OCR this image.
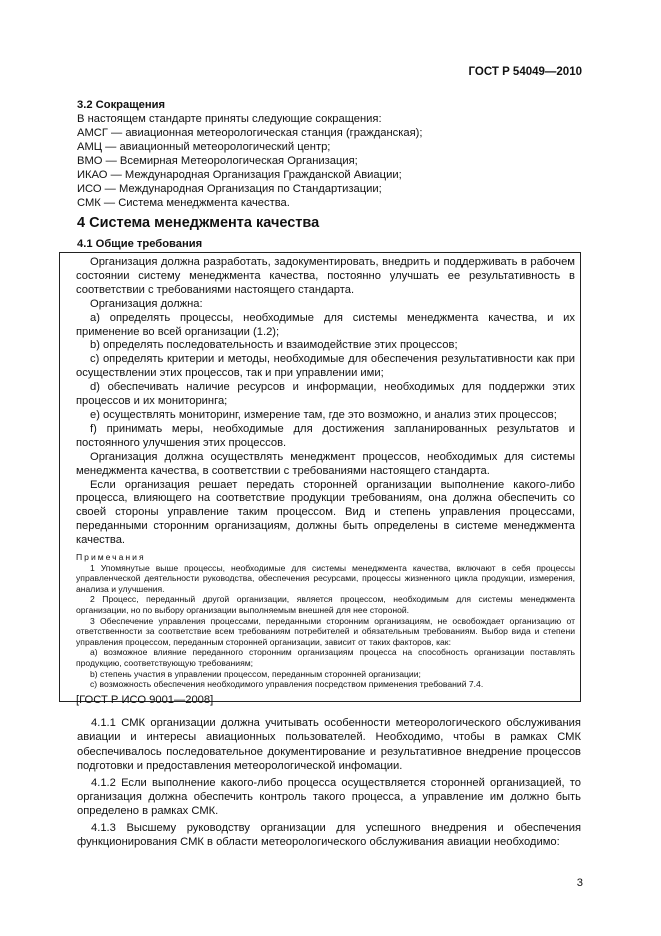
ГОСТ Р 54049—2010
3.2 Сокращения
В настоящем стандарте приняты следующие сокращения:
АМСГ — авиационная метеорологическая станция (гражданская);
АМЦ — авиационный метеорологический центр;
ВМО — Всемирная Метеорологическая Организация;
ИКАО — Международная Организация Гражданской Авиации;
ИСО — Международная Организация по Стандартизации;
СМК — Система менеджмента качества.
4 Система менеджмента качества
4.1 Общие требования

Организация должна разработать, задокументировать, внедрить и поддерживать в рабочем состоянии систему менеджмента качества, постоянно улучшать ее результативность в соответствии с требованиями настоящего стандарта.

Организация должна:

a) определять процессы, необходимые для системы менеджмента качества, и их применение во всей организации (1.2);

b) определять последовательность и взаимодействие этих процессов;

c) определять критерии и методы, необходимые для обеспечения результативности как при осуществлении этих процессов, так и при управлении ими;

d) обеспечивать наличие ресурсов и информации, необходимых для поддержки этих процессов и их мониторинга;

e) осуществлять мониторинг, измерение там, где это возможно, и анализ этих процессов;

f) принимать меры, необходимые для достижения запланированных результатов и постоянного улучшения этих процессов.

Организация должна осуществлять менеджмент процессов, необходимых для системы менеджмента качества, в соответствии с требованиями настоящего стандарта.

Если организация решает передать сторонней организации выполнение какого-либо процесса, влияющего на соответствие продукции требованиям, она должна обеспечить со своей стороны управление таким процессом. Вид и степень управления процессами, переданными сторонним организациям, должны быть определены в системе менеджмента качества.

Примечания

1 Упомянутые выше процессы, необходимые для системы менеджмента качества, включают в себя процессы управленческой деятельности руководства, обеспечения ресурсами, процессы жизненного цикла продукции, измерения, анализа и улучшения.

2 Процесс, переданный другой организации, является процессом, необходимым для системы менеджмента организации, но по выбору организации выполняемым внешней для нее стороной.

3 Обеспечение управления процессами, переданными сторонним организациям, не освобождает организацию от ответственности за соответствие всем требованиям потребителей и обязательным требованиям. Выбор вида и степени управления процессом, переданным сторонней организации, зависит от таких факторов, как:

a) возможное влияние переданного сторонним организациям процесса на способность организации поставлять продукцию, соответствующую требованиям;

b) степень участия в управлении процессом, переданным сторонней организации;

c) возможность обеспечения необходимого управления посредством применения требований 7.4.

[ГОСТ Р ИСО 9001—2008]

4.1.1 СМК организации должна учитывать особенности метеорологического обслуживания авиации и интересы авиационных пользователей. Необходимо, чтобы в рамках СМК обеспечивалось последовательное документирование и результативное внедрение процессов подготовки и предоставления метеорологической инфомации.

4.1.2 Если выполнение какого-либо процесса осуществляется сторонней организацией, то организация должна обеспечить контроль такого процесса, а управление им должно быть определено в рамках СМК.

4.1.3 Высшему руководству организации для успешного внедрения и обеспечения функционирования СМК в области метеорологического обслуживания авиации необходимо:

3
